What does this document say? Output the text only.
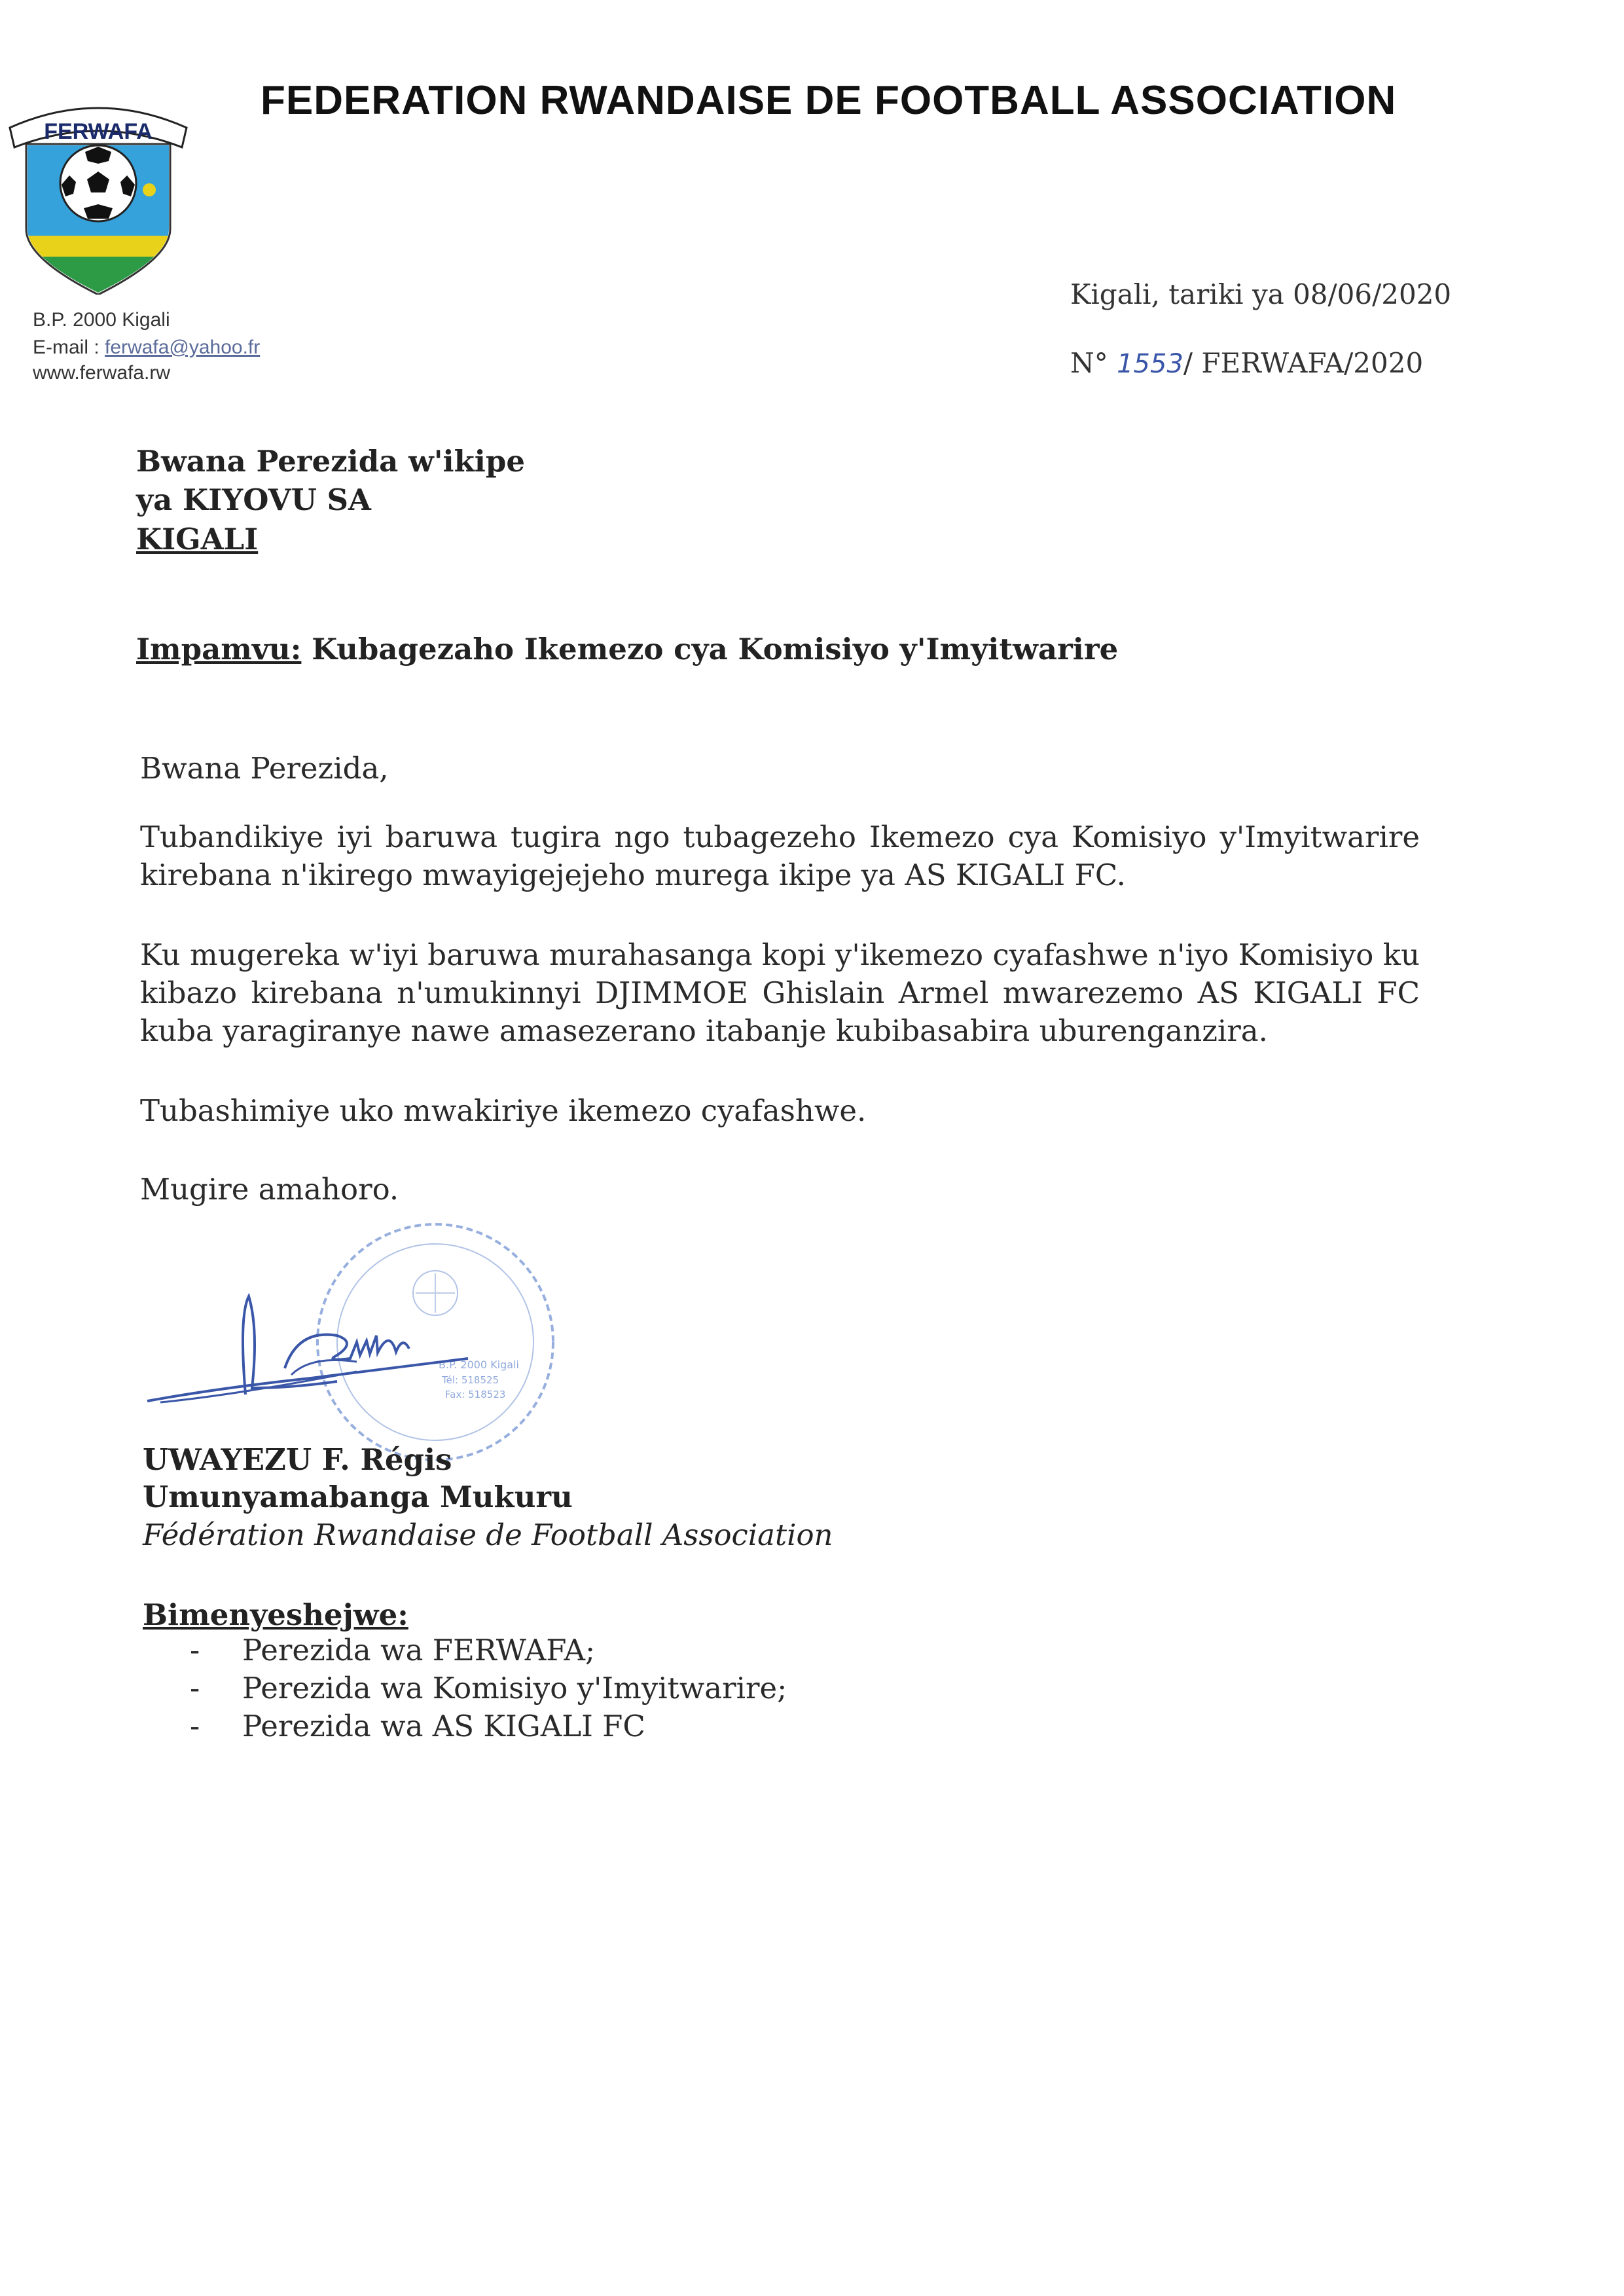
FERWAFA
FEDERATION RWANDAISE DE FOOTBALL ASSOCIATION
B.P. 2000 Kigali
E-mail : ferwafa@yahoo.fr
www.ferwafa.rw
Kigali, tariki ya 08/06/2020
N° 1553/ FERWAFA/2020
Bwana Perezida w'ikipe
ya KIYOVU SA
KIGALI
Impamvu: Kubagezaho Ikemezo cya Komisiyo y'Imyitwarire
Bwana Perezida,
Tubandikiye iyi baruwa tugira ngo tubagezeho Ikemezo cya Komisiyo y'Imyitwarire kirebana n'ikirego mwayigejejeho murega ikipe ya AS KIGALI FC.
Ku mugereka w'iyi baruwa murahasanga kopi y'ikemezo cyafashwe n'iyo Komisiyo ku kibazo kirebana n'umukinnyi DJIMMOE Ghislain Armel mwarezemo AS KIGALI FC kuba yaragiranye nawe amasezerano itabanje kubibasabira uburenganzira.
Tubashimiye uko mwakiriye ikemezo cyafashwe.
Mugire amahoro.
B.P. 2000 Kigali
Tél: 518525
Fax: 518523
UWAYEZU F. Régis
Umunyamabanga Mukuru
Fédération Rwandaise de Football Association
Bimenyeshejwe:
- Perezida wa FERWAFA;
- Perezida wa Komisiyo y'Imyitwarire;
- Perezida wa AS KIGALI FC
